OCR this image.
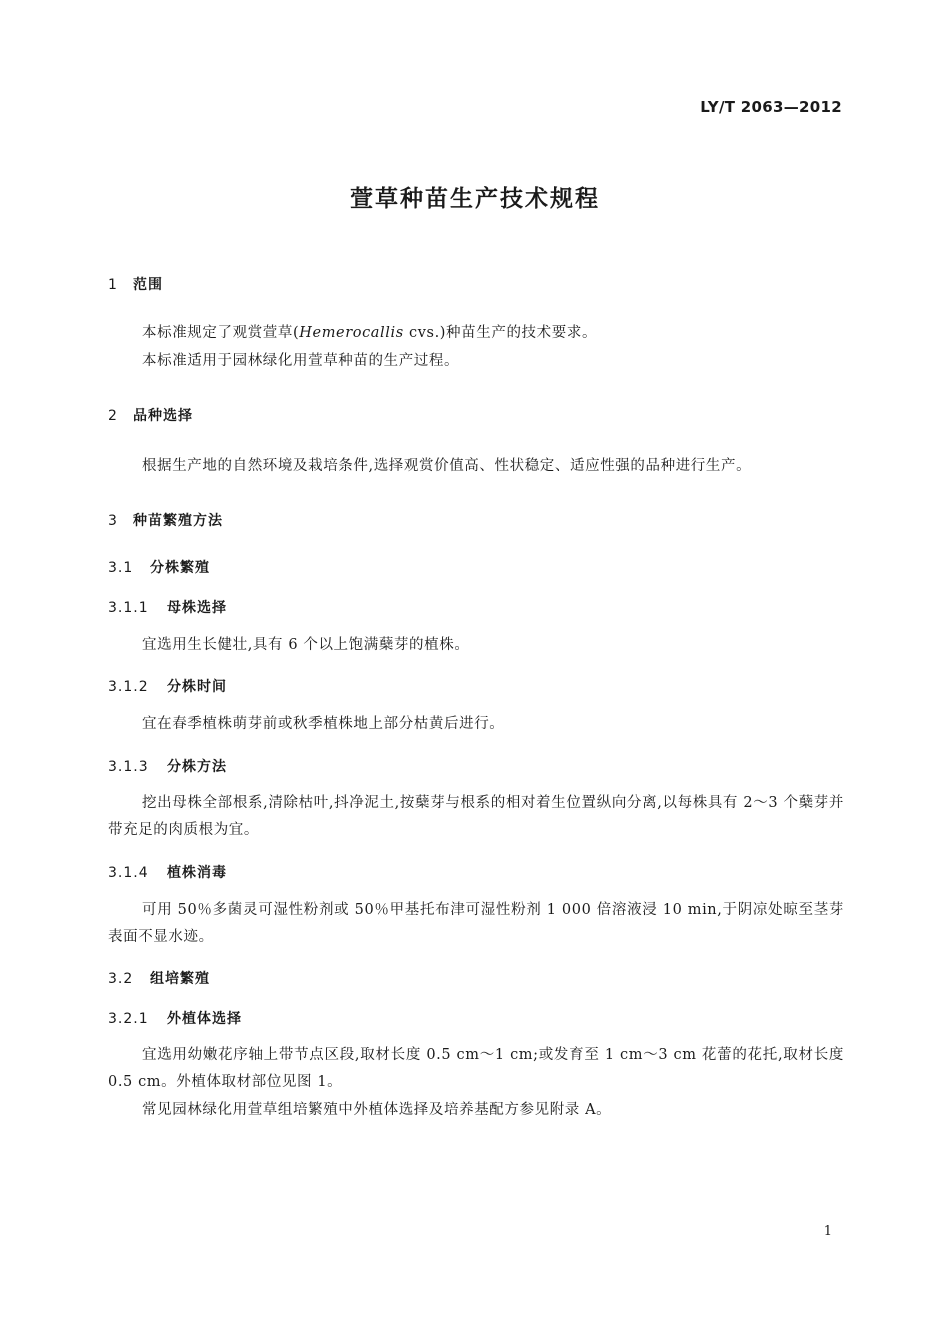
LY/T 2063—2012
萱草种苗生产技术规程
1 范围

本标准规定了观赏萱草(Hemerocallis cvs.)种苗生产的技术要求。

本标准适用于园林绿化用萱草种苗的生产过程。

2 品种选择

根据生产地的自然环境及栽培条件,选择观赏价值高、性状稳定、适应性强的品种进行生产。

3 种苗繁殖方法
3.1 分株繁殖
3.1.1 母株选择

宜选用生长健壮,具有 6 个以上饱满蘖芽的植株。

3.1.2 分株时间

宜在春季植株萌芽前或秋季植株地上部分枯黄后进行。

3.1.3 分株方法

挖出母株全部根系,清除枯叶,抖净泥土,按蘖芽与根系的相对着生位置纵向分离,以每株具有 2～3 个蘖芽并带充足的肉质根为宜。

3.1.4 植株消毒

可用 50％多菌灵可湿性粉剂或 50％甲基托布津可湿性粉剂 1 000 倍溶液浸 10 min,于阴凉处晾至茎芽表面不显水迹。

3.2 组培繁殖
3.2.1 外植体选择

宜选用幼嫩花序轴上带节点区段,取材长度 0.5 cm～1 cm;或发育至 1 cm～3 cm 花蕾的花托,取材长度 0.5 cm。外植体取材部位见图 1。

常见园林绿化用萱草组培繁殖中外植体选择及培养基配方参见附录 A。

1
